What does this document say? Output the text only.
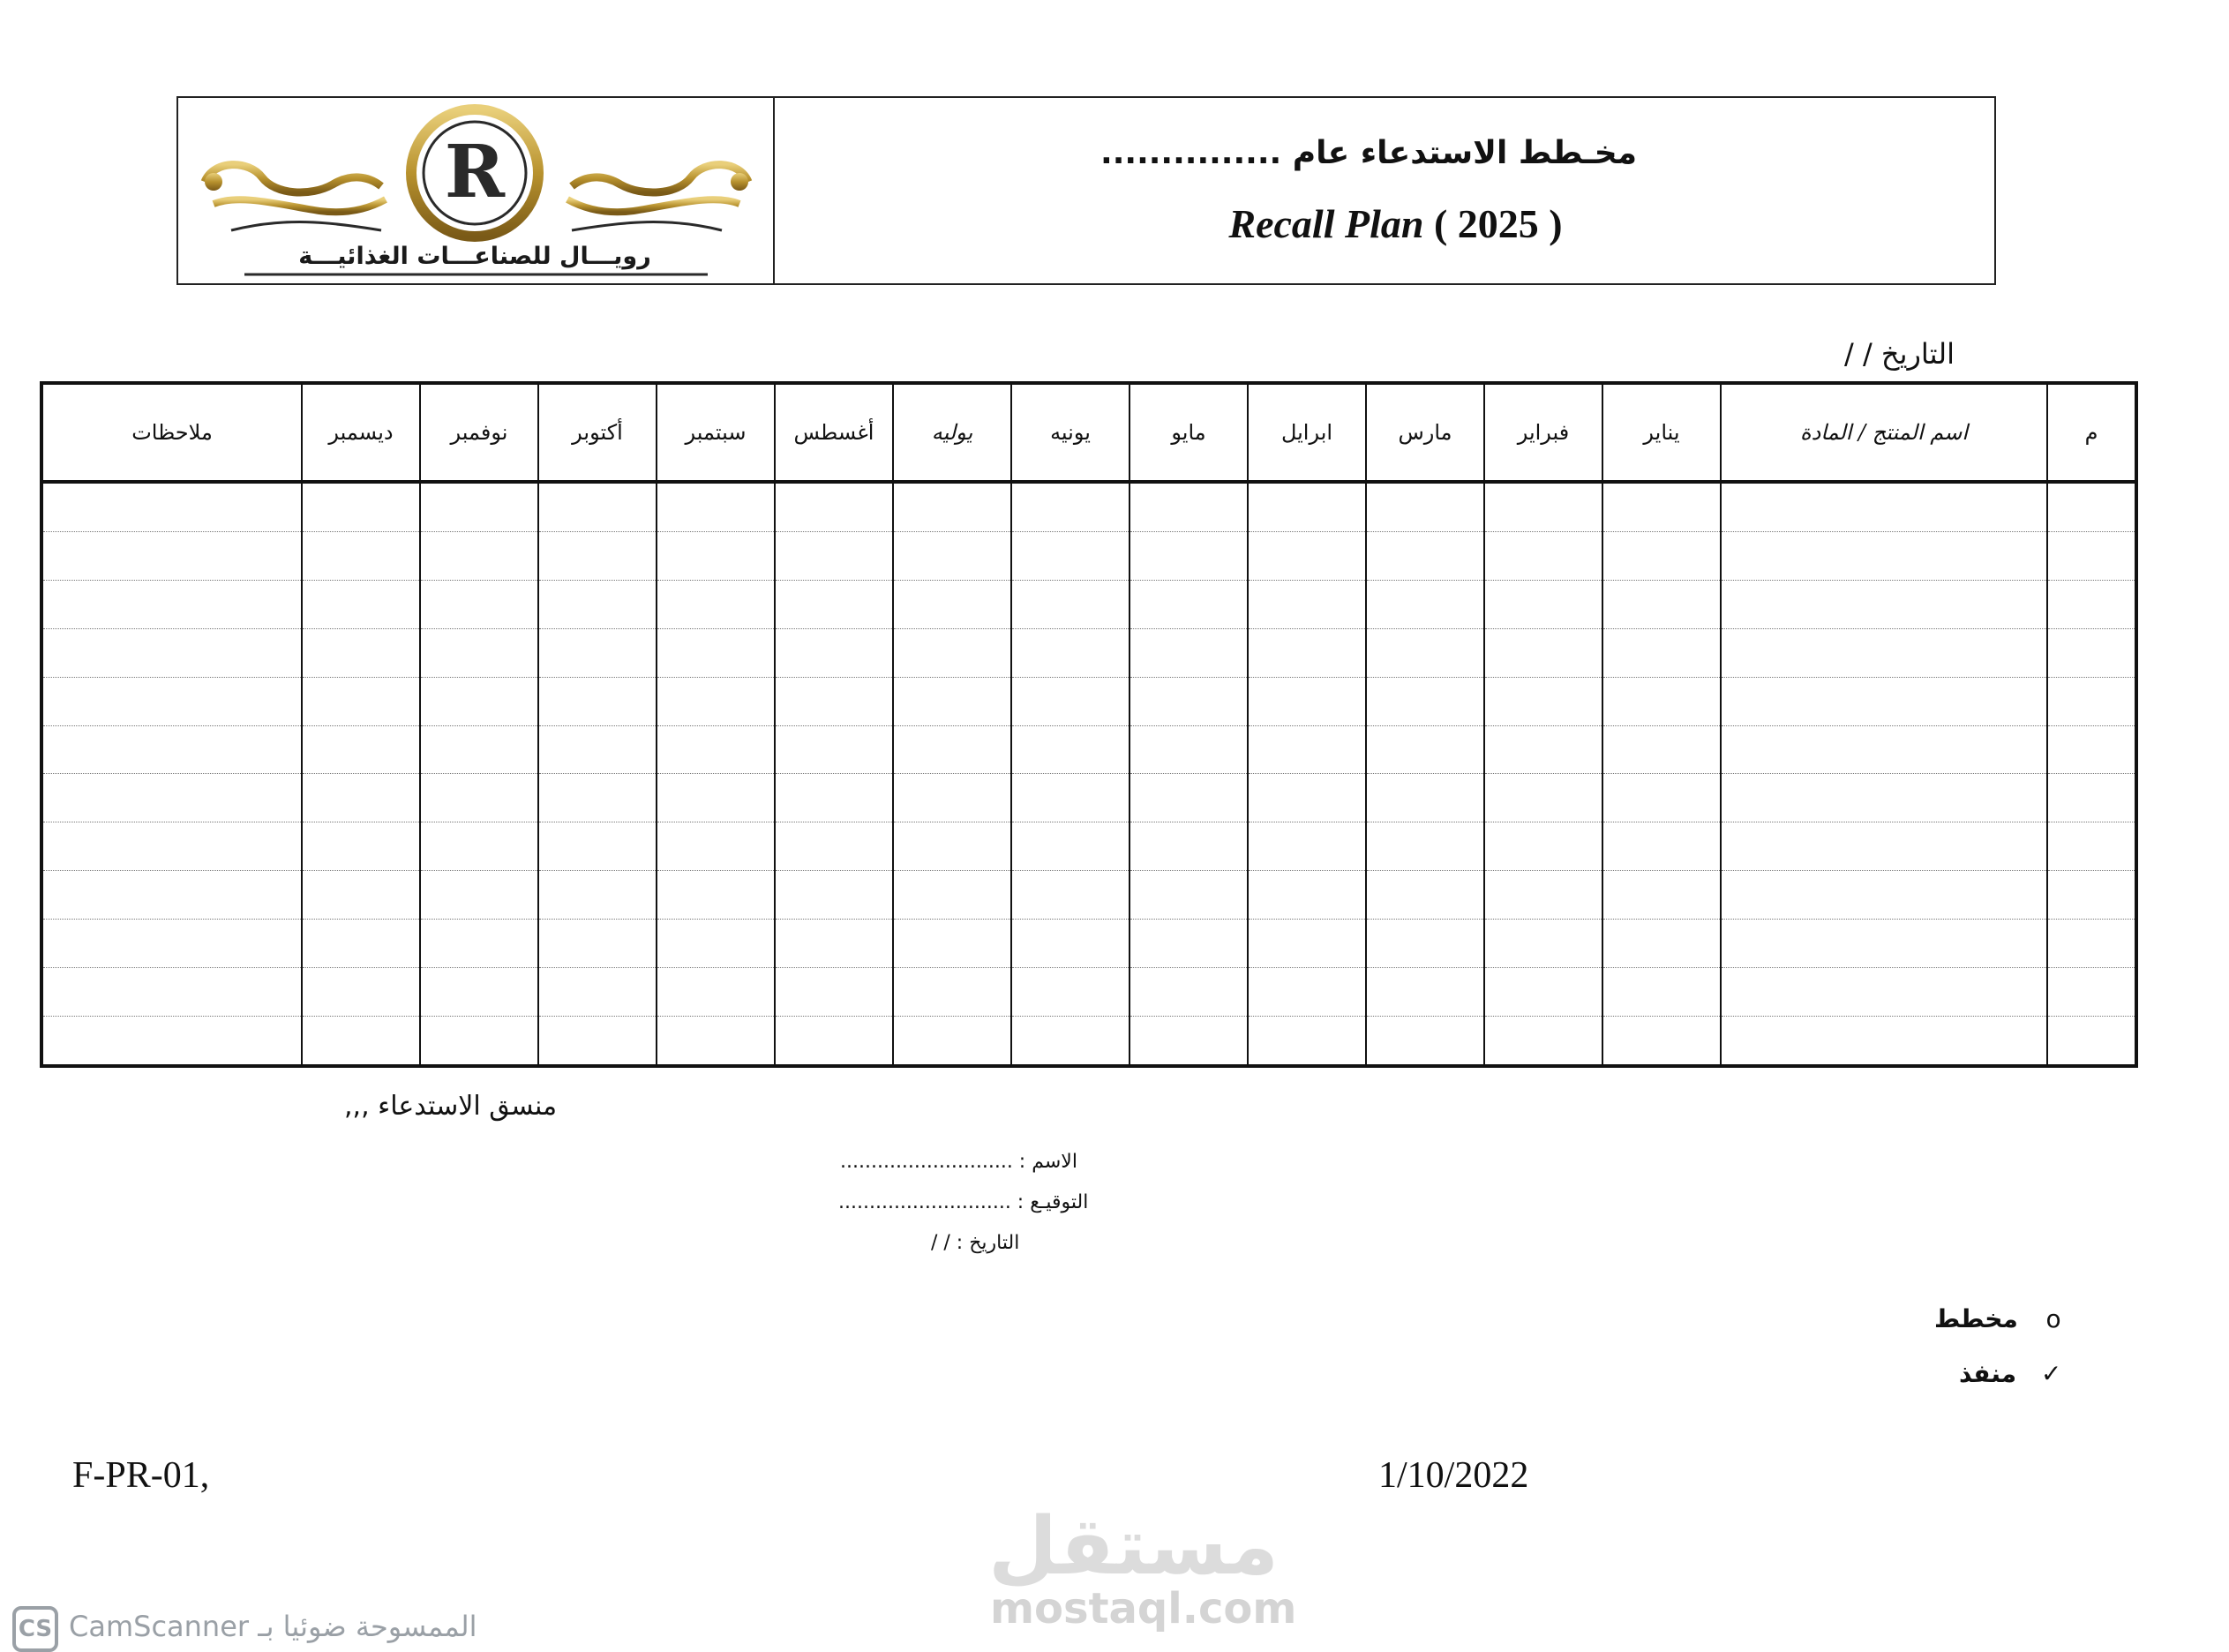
R
رويـــال للصناعـــات الغذائيـــة
مخـطط الاستدعاء عام ...............
Recall Plan ( 2025 )
التاريخ / /
م	اسم المنتج / المادة	يناير	فبراير	مارس	ابرايل	مايو	يونيه	يوليه	أغسطس	سبتمبر	أكتوبر	نوفمبر	ديسمبر	ملاحظات

منسق الاستدعاء ,,,
الاسم : ............................
التوقيـع : ............................
التاريخ : / /
o مخطط
✓ منفذ
F-PR-01,	1/10/2022
مستقل
mostaql.com
CS الممسوحة ضوئيا بـ CamScanner
